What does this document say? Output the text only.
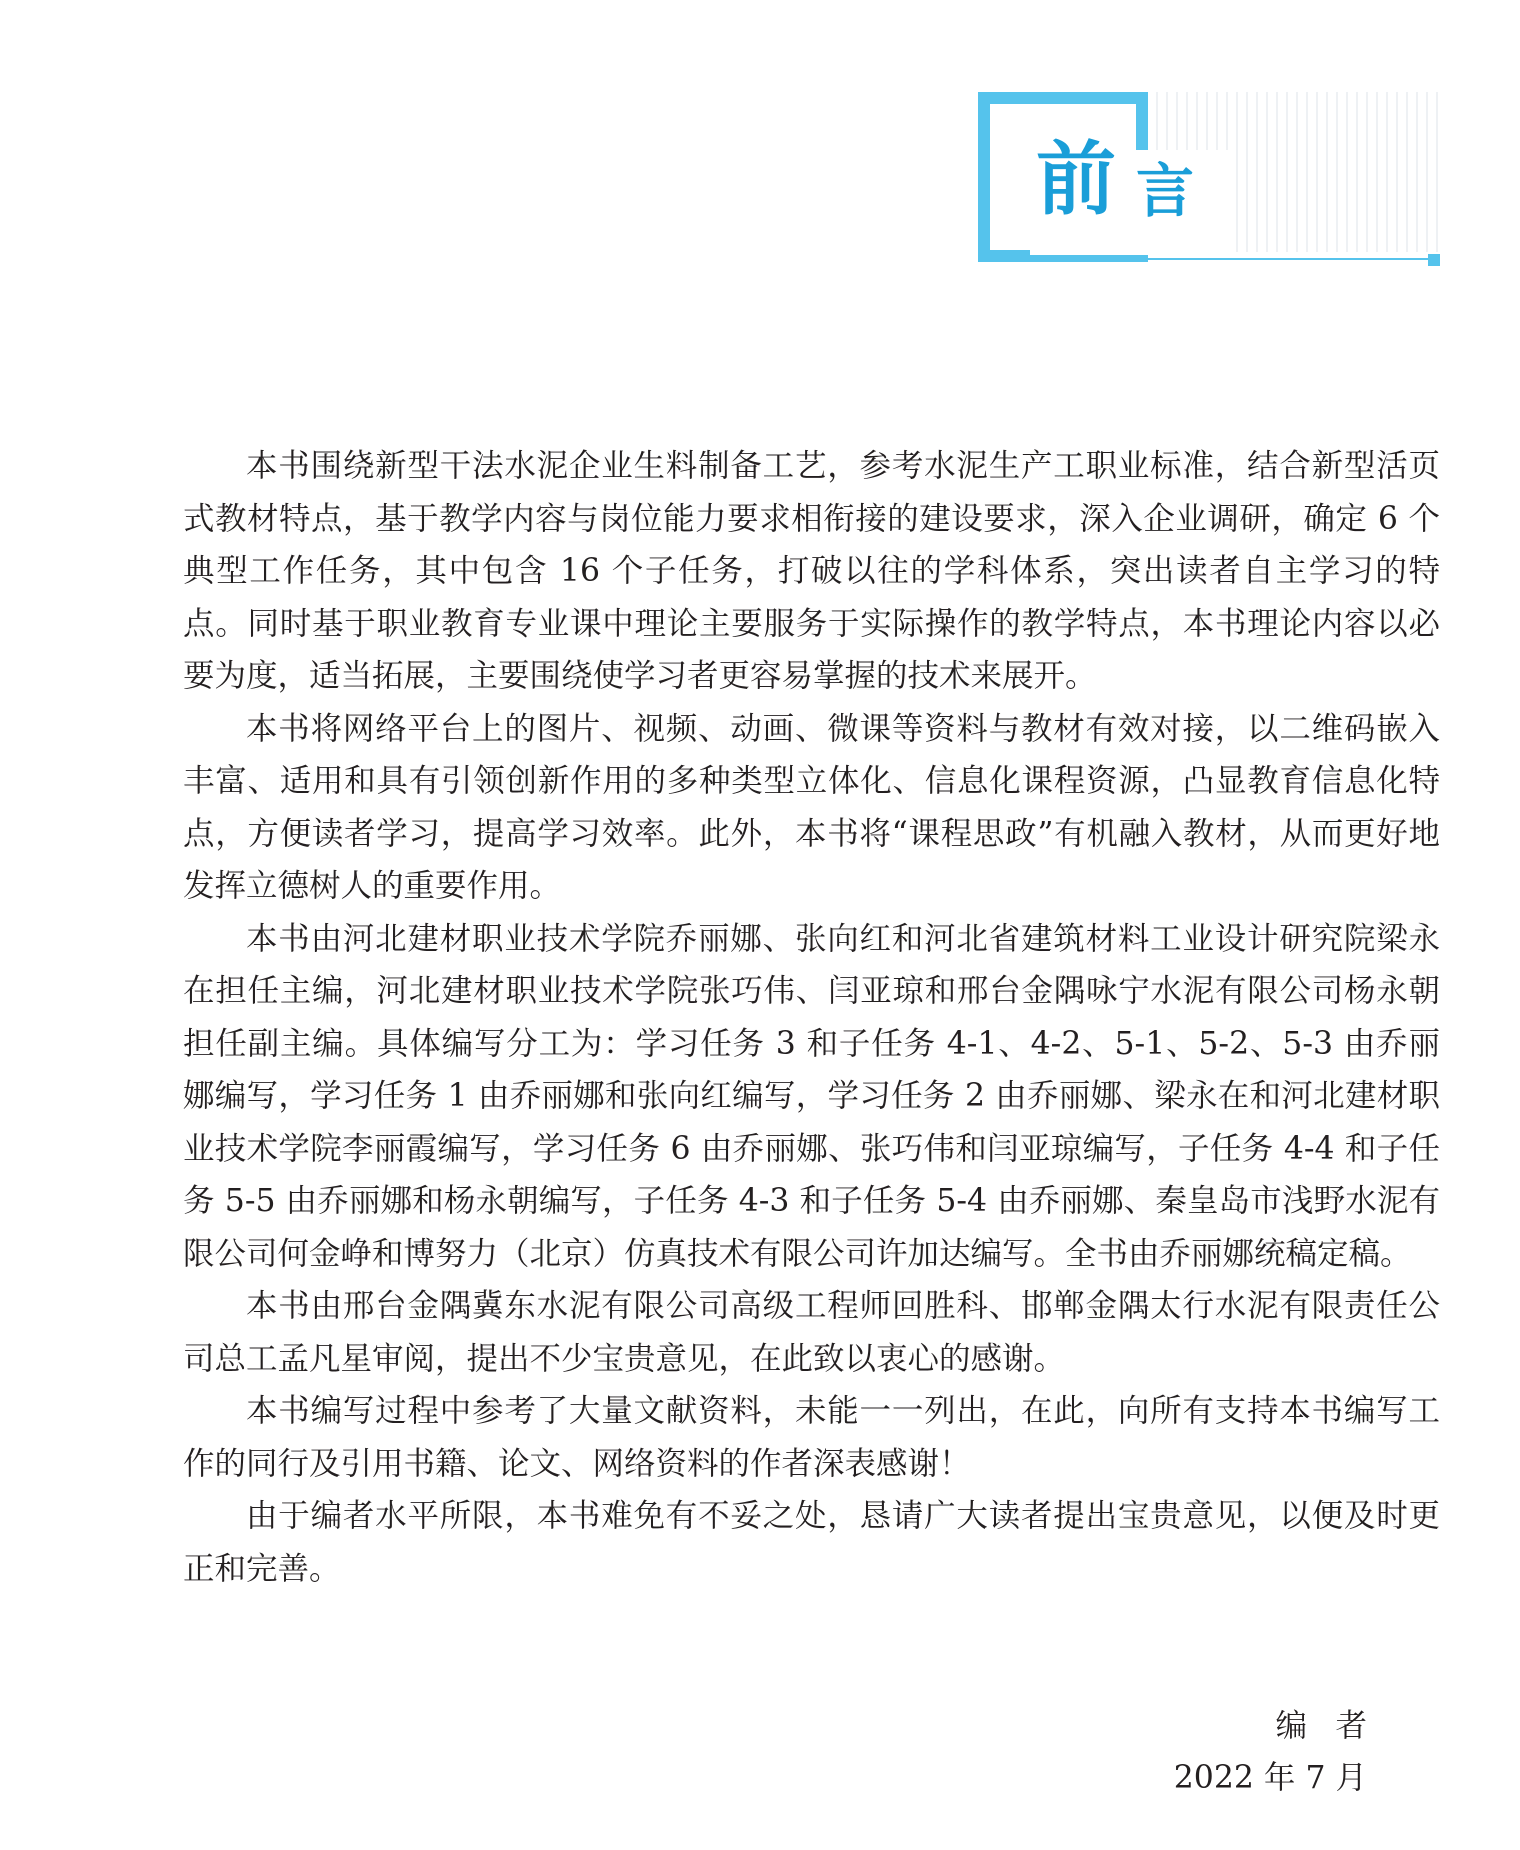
前 言

本书围绕新型干法水泥企业生料制备工艺，参考水泥生产工职业标准，结合新型活页式教材特点，基于教学内容与岗位能力要求相衔接的建设要求，深入企业调研，确定 6 个典型工作任务，其中包含 16 个子任务，打破以往的学科体系，突出读者自主学习的特点。同时基于职业教育专业课中理论主要服务于实际操作的教学特点，本书理论内容以必要为度，适当拓展，主要围绕使学习者更容易掌握的技术来展开。

本书将网络平台上的图片、视频、动画、微课等资料与教材有效对接，以二维码嵌入丰富、适用和具有引领创新作用的多种类型立体化、信息化课程资源，凸显教育信息化特点，方便读者学习，提高学习效率。此外，本书将“课程思政”有机融入教材，从而更好地发挥立德树人的重要作用。

本书由河北建材职业技术学院乔丽娜、张向红和河北省建筑材料工业设计研究院梁永在担任主编，河北建材职业技术学院张巧伟、闫亚琼和邢台金隅咏宁水泥有限公司杨永朝担任副主编。具体编写分工为：学习任务 3 和子任务 4-1、4-2、5-1、5-2、5-3 由乔丽娜编写，学习任务 1 由乔丽娜和张向红编写，学习任务 2 由乔丽娜、梁永在和河北建材职业技术学院李丽霞编写，学习任务 6 由乔丽娜、张巧伟和闫亚琼编写，子任务 4-4 和子任务 5-5 由乔丽娜和杨永朝编写，子任务 4-3 和子任务 5-4 由乔丽娜、秦皇岛市浅野水泥有限公司何金峥和博努力（北京）仿真技术有限公司许加达编写。全书由乔丽娜统稿定稿。

本书由邢台金隅冀东水泥有限公司高级工程师回胜科、邯郸金隅太行水泥有限责任公司总工孟凡星审阅，提出不少宝贵意见，在此致以衷心的感谢。

本书编写过程中参考了大量文献资料，未能一一列出，在此，向所有支持本书编写工作的同行及引用书籍、论文、网络资料的作者深表感谢！

由于编者水平所限，本书难免有不妥之处，恳请广大读者提出宝贵意见，以便及时更正和完善。

编者
2022 年 7 月
